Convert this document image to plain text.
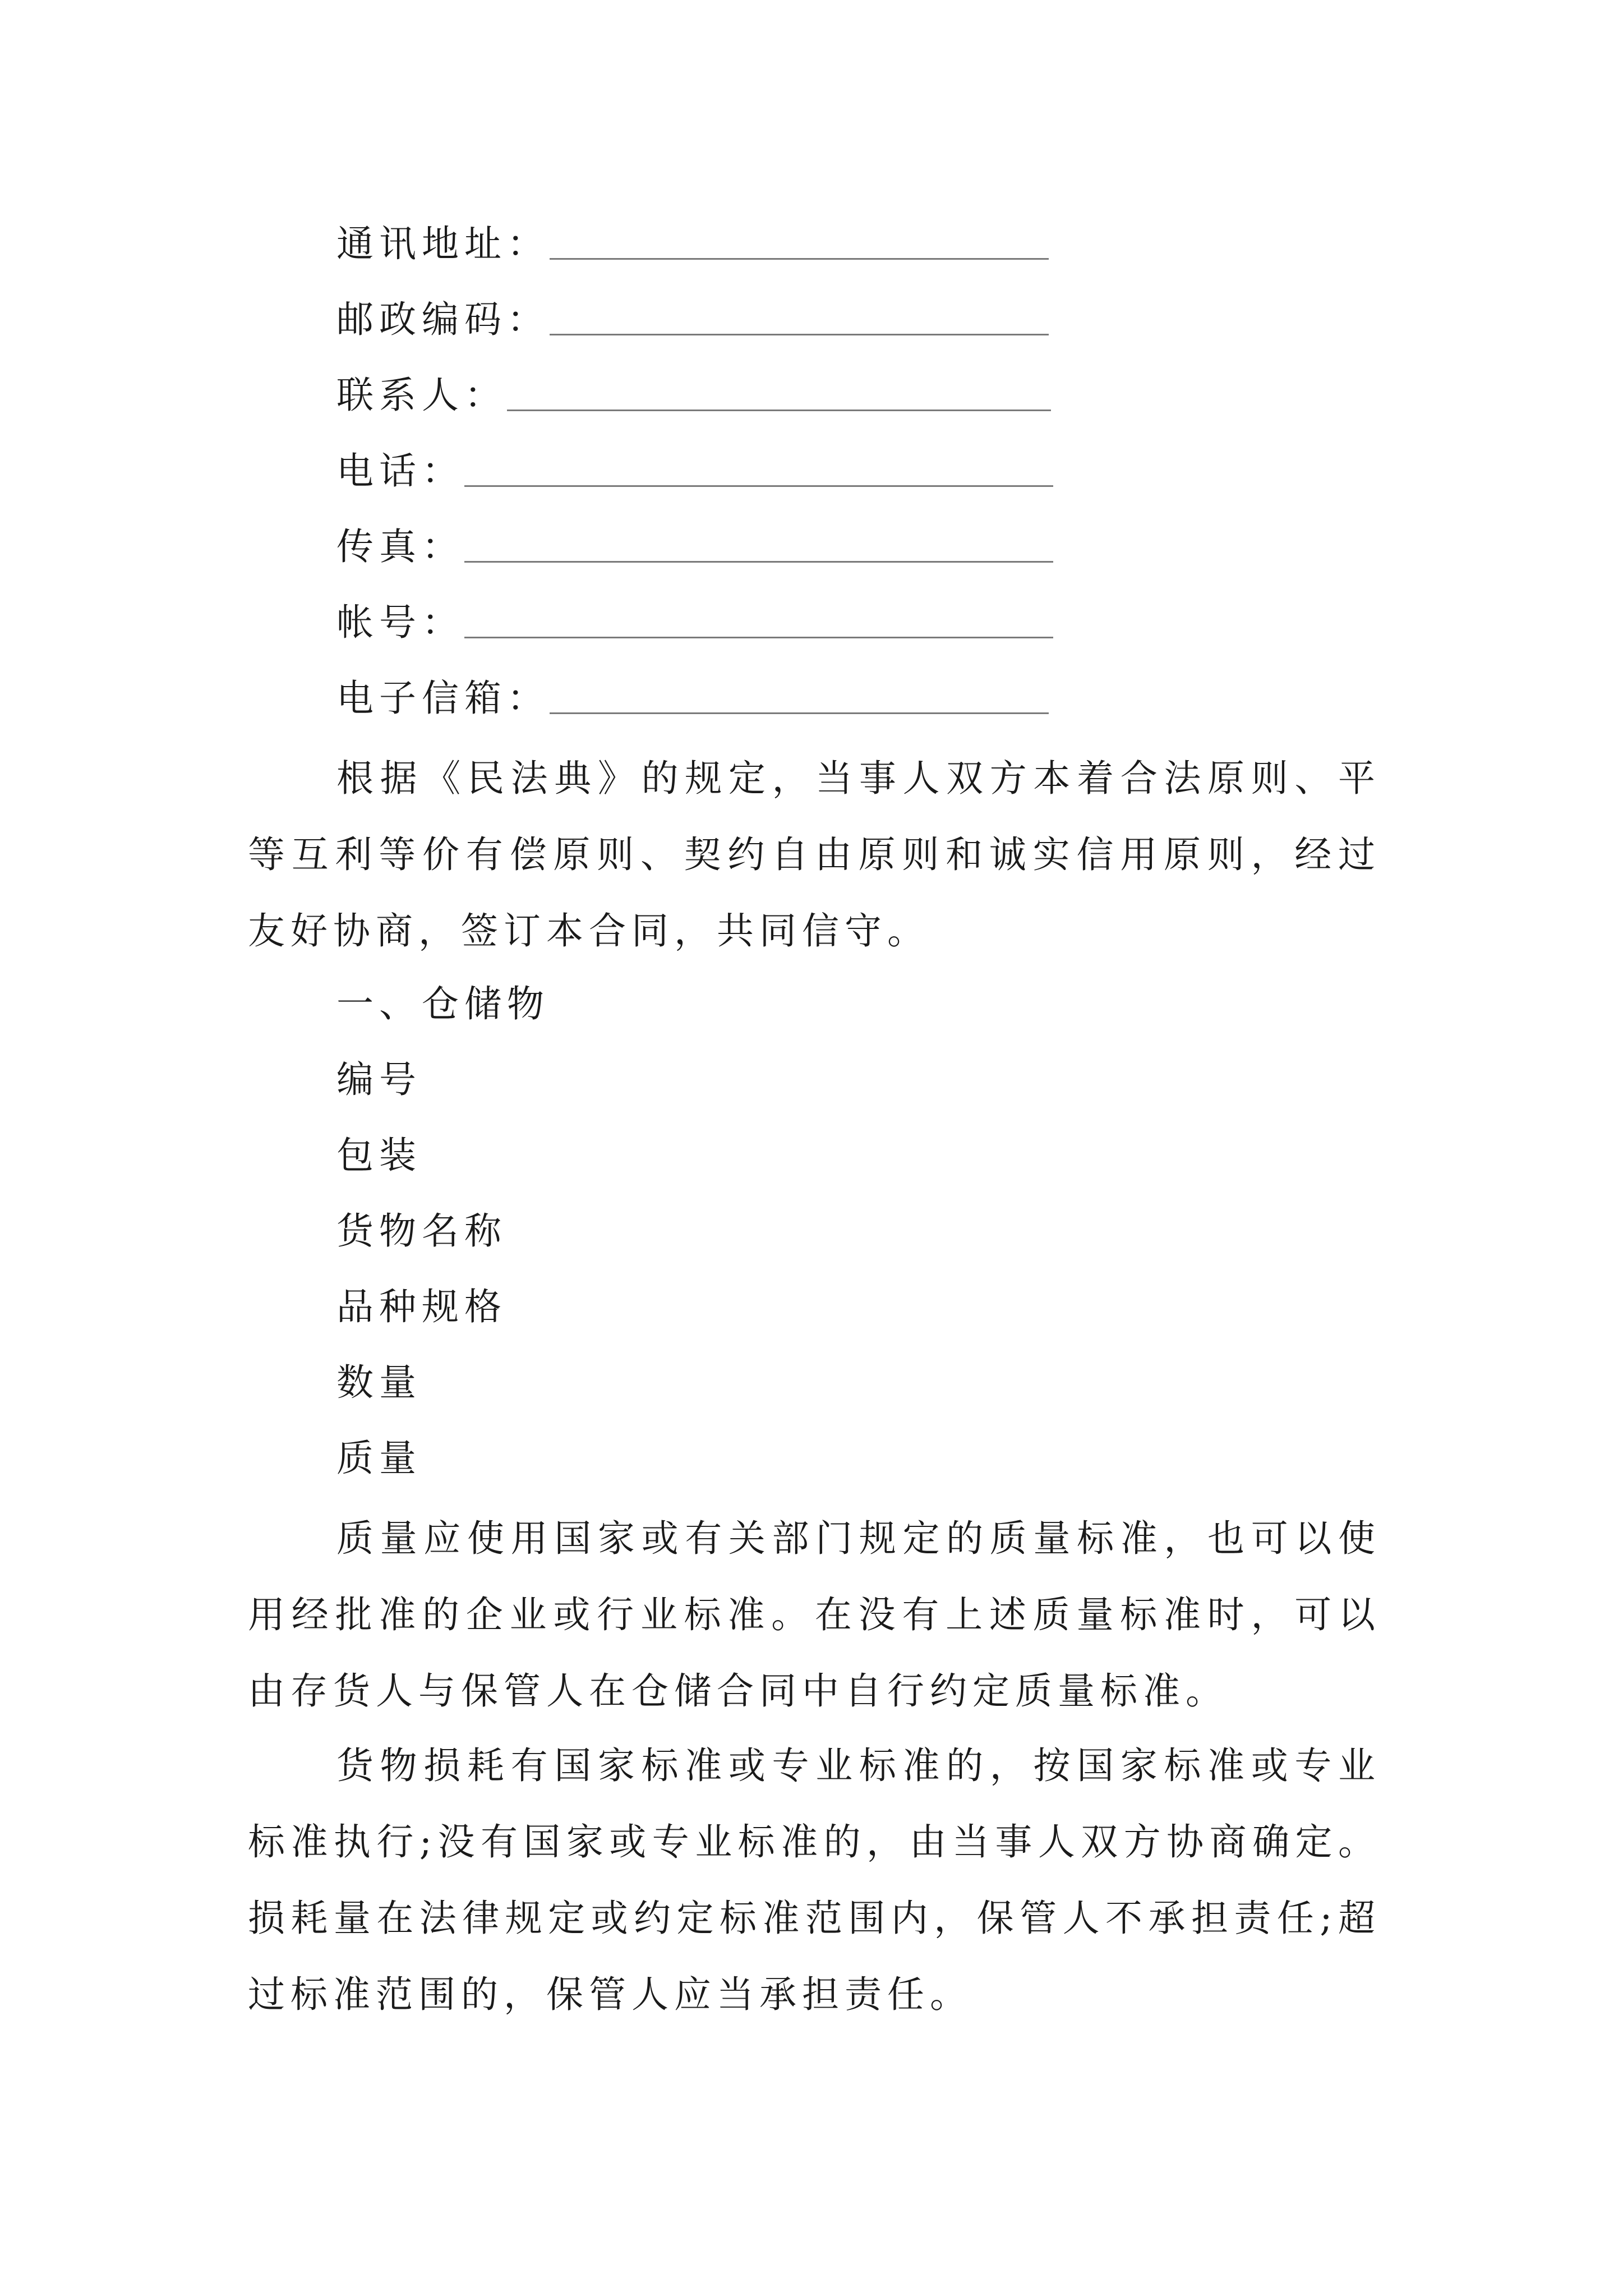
通讯地址：
邮政编码：
联系人：
电话：
传真：
帐号：
电子信箱：
根据《民法典》的规定，当事人双方本着合法原则、平等互利等价有偿原则、契约自由原则和诚实信用原则，经过友好协商，签订本合同，共同信守。
一、仓储物
编号
包装
货物名称
品种规格
数量
质量
质量应使用国家或有关部门规定的质量标准，也可以使用经批准的企业或行业标准。在没有上述质量标准时，可以由存货人与保管人在仓储合同中自行约定质量标准。
货物损耗有国家标准或专业标准的，按国家标准或专业标准执行;没有国家或专业标准的，由当事人双方协商确定。损耗量在法律规定或约定标准范围内，保管人不承担责任;超过标准范围的，保管人应当承担责任。
